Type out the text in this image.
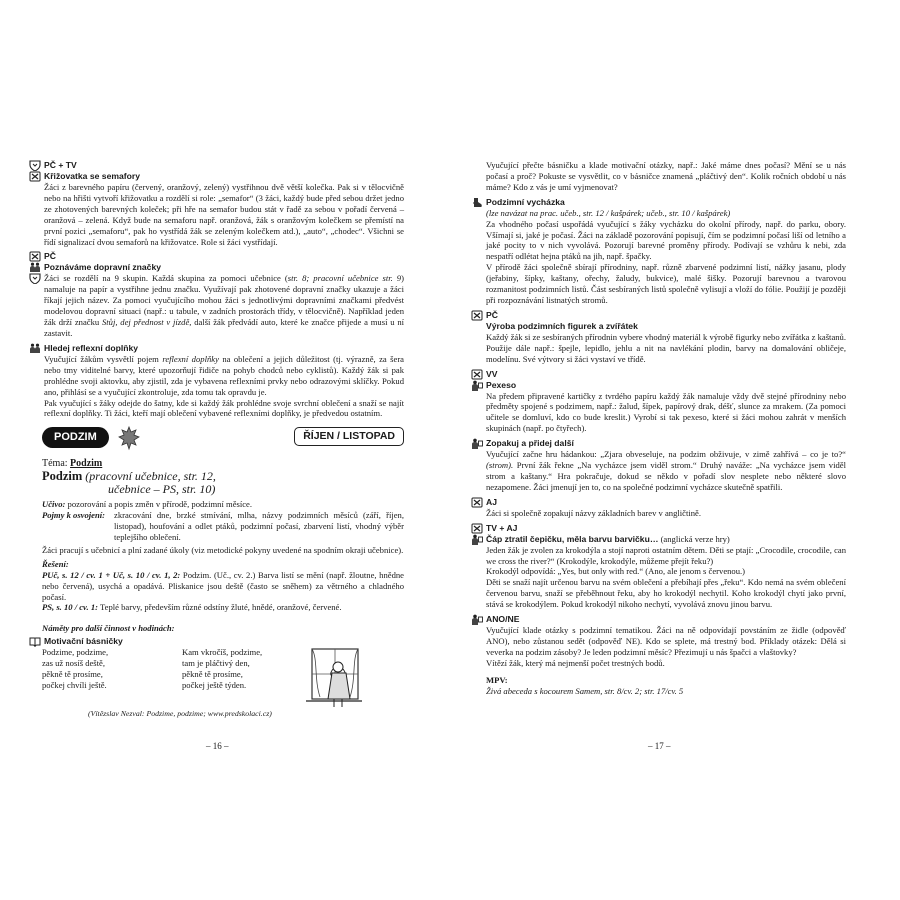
PČ + TV
Křižovatka se semafory
Žáci z barevného papíru (červený, oranžový, zelený) vystřihnou dvě větší kolečka. Pak si v tělocvičně nebo na hřišti vytvoří křižovatku a rozdělí si role: „semafor“ (3 žáci, každý bude před sebou držet jedno ze zhotovených barevných koleček; při hře na semafor budou stát v řadě za sebou v pořadí červená – oranžová – zelená. Když bude na semaforu např. oranžová, žák s oranžovým kolečkem se přemístí na první pozici „semaforu“, pak ho vystřídá žák se zeleným kolečkem atd.), „auto“, „chodec“. Všichni se řídí signalizací dvou semaforů na křižovatce. Role si žáci vystřídají.
PČ
Poznáváme dopravní značky
Žáci se rozdělí na 9 skupin. Každá skupina za pomoci učebnice (str. 8; pracovní učebnice str. 9) namaluje na papír a vystřihne jednu značku. Využívají pak zhotovené dopravní značky ukazuje a žáci říkají jejich název. Za pomoci vyučujícího mohou žáci s jednotlivými dopravními značkami předvést modelovou dopravní situaci (např.: u tabule, v zadních prostorách třídy, v tělocvičně). Například jeden žák drží značku Stůj, dej přednost v jízdě, další žák předvádí auto, které ke značce přijede a musí u ní zastavit.
Hledej reflexní doplňky
Vyučující žákům vysvětlí pojem reflexní doplňky na oblečení a jejich důležitost (tj. výrazně, za šera nebo tmy viditelné barvy, které upozorňují řidiče na pohyb chodců nebo cyklistů). Každý žák si pak prohlédne svoji aktovku, aby zjistil, zda je vybavena reflexními prvky nebo odrazovými sklíčky. Pokud ano, přihlásí se a vyučující zkontroluje, zda tomu tak opravdu je.
Pak vyučující s žáky odejde do šatny, kde si každý žák prohlédne svoje svrchní oblečení a snaží se najít reflexní doplňky. Ti žáci, kteří mají oblečení vybavené reflexními doplňky, je předvedou ostatním.
PODZIM	ŘÍJEN / LISTOPAD
Téma: Podzim
Podzim (pracovní učebnice, str. 12,
učebnice – PS, str. 10)
Učivo: pozorování a popis změn v přírodě, podzimní měsíce.
Pojmy k osvojení:	zkracování dne, brzké stmívání, mlha, názvy podzimních měsíců (září, říjen, listopad), houfování a odlet ptáků, podzimní počasí, zbarvení listí, vhodný výběr teplejšího oblečení.
Žáci pracují s učebnicí a plní zadané úkoly (viz metodické pokyny uvedené na spodním okraji učebnice).
Řešení:
PUč, s. 12 / cv. 1 + Uč, s. 10 / cv. 1, 2: Podzim. (Uč., cv. 2.) Barva listí se mění (např. žloutne, hnědne nebo červená), usychá a opadává. Pliskanice jsou deště (často se sněhem) za větrného a chladného počasí.
PS, s. 10 / cv. 1: Teplé barvy, především různé odstíny žluté, hnědé, oranžové, červené.
Náměty pro další činnost v hodinách:
Motivační básničky
Podzime, podzime,
zas už nosíš deště,
pěkně tě prosíme,
počkej chvíli ještě.
Kam vkročíš, podzime,
tam je pláčtivý den,
pěkně tě prosíme,
počkej ještě týden.
(Vítězslav Nezval: Podzime, podzime; www.predskolaci.cz)
– 16 –
Vyučující přečte básničku a klade motivační otázky, např.: Jaké máme dnes počasí? Mění se u nás počasí a proč? Pokuste se vysvětlit, co v básničce znamená „pláčtivý den“. Kolik ročních období u nás máme? Kdo z vás je umí vyjmenovat?
Podzimní vycházka
(lze navázat na prac. učeb., str. 12 / kašpárek; učeb., str. 10 / kašpárek)
Za vhodného počasí uspořádá vyučující s žáky vycházku do okolní přírody, např. do parku, obory. Všímají si, jaké je počasí. Žáci na základě pozorování popisují, čím se podzimní počasí liší od letního a jaké pocity to v nich vyvolává. Pozorují barevné proměny přírody. Podívají se vzhůru k nebi, zda nespatří odlétat hejna ptáků na jih, např. špačky.
V přírodě žáci společně sbírají přírodniny, např. různě zbarvené podzimní listí, nážky jasanu, plody (jeřabiny, šípky, kaštany, ořechy, žaludy, bukvice), malé šišky. Pozorují barevnou a tvarovou rozmanitost podzimních listů. Část sesbíraných listů společně vylisují a vloží do fólie. Použijí je později při rozpoznávání listnatých stromů.
PČ
Výroba podzimních figurek a zvířátek
Každý žák si ze sesbíraných přírodnin vybere vhodný materiál k výrobě figurky nebo zvířátka z kaštanů. Použije dále např.: špejle, lepidlo, jehlu a nit na navlékání plodin, barvy na domalování obličeje, modelínu. Své výtvory si žáci vystaví ve třídě.
VV
Pexeso
Na předem připravené kartičky z tvrdého papíru každý žák namaluje vždy dvě stejné přírodniny nebo předměty spojené s podzimem, např.: žalud, šípek, papírový drak, déšť, slunce za mrakem. (Za pomoci učitele se domluví, kdo co bude kreslit.) Vyrobí si tak pexeso, které si žáci mohou zahrát v menších skupinách (např. po čtyřech).
Zopakuj a přidej další
Vyučující začne hru hádankou: „Zjara obveseluje, na podzim obživuje, v zimě zahřívá – co je to?“ (strom). První žák řekne „Na vycházce jsem viděl strom.“ Druhý naváže: „Na vycházce jsem viděl strom a kaštany.“ Hra pokračuje, dokud se někdo v pořadí slov nesplete nebo některé slovo nezapomene. Žáci jmenují jen to, co na společné podzimní vycházce skutečně spatřili.
AJ
Žáci si společně zopakují názvy základních barev v angličtině.
TV + AJ
Čáp ztratil čepičku, měla barvu barvičku… (anglická verze hry)
Jeden žák je zvolen za krokodýla a stojí naproti ostatním dětem. Děti se ptají: „Crocodile, crocodile, can we cross the river?“ (Krokodýle, krokodýle, můžeme přejít řeku?)
Krokodýl odpovídá: „Yes, but only with red.“ (Ano, ale jenom s červenou.)
Děti se snaží najít určenou barvu na svém oblečení a přebíhají přes „řeku“. Kdo nemá na svém oblečení červenou barvu, snaží se přeběhnout řeku, aby ho krokodýl nechytil. Koho krokodýl chytí jako první, stává se krokodýlem. Pokud krokodýl nikoho nechytí, vyvolává znovu jinou barvu.
ANO/NE
Vyučující klade otázky s podzimní tematikou. Žáci na ně odpovídají povstáním ze židle (odpověď ANO), nebo zůstanou sedět (odpověď NE). Kdo se splete, má trestný bod. Příklady otázek: Dělá si veverka na podzim zásoby? Je leden podzimní měsíc? Přezimují u nás špačci a vlaštovky?
Vítězí žák, který má nejmenší počet trestných bodů.
MPV:
Živá abeceda s kocourem Samem, str. 8/cv. 2; str. 17/cv. 5
– 17 –
